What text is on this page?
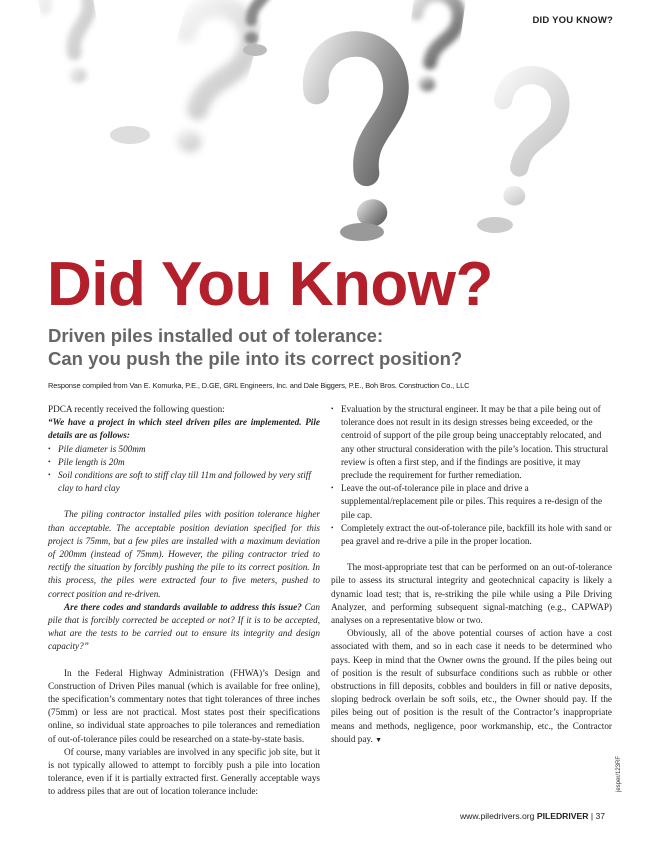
DID YOU KNOW?
Did You Know?
Driven piles installed out of tolerance:
Can you push the pile into its correct position?
Response compiled from Van E. Komurka, P.E., D.GE, GRL Engineers, Inc. and Dale Biggers, P.E., Boh Bros. Construction Co., LLC

PDCA recently received the following question:

“We have a project in which steel driven piles are implemented. Pile details are as follows:

• Pile diameter is 500mm
• Pile length is 20m
• Soil conditions are soft to stiff clay till 11m and followed by very stiff clay to hard clay

The piling contractor installed piles with position tolerance higher than acceptable. The acceptable position deviation specified for this project is 75mm, but a few piles are installed with a maximum deviation of 200mm (instead of 75mm). However, the piling contractor tried to rectify the situation by forcibly pushing the pile to its correct position. In this process, the piles were extracted four to five meters, pushed to correct position and re-driven.

Are there codes and standards available to address this issue? Can pile that is forcibly corrected be accepted or not? If it is to be accepted, what are the tests to be carried out to ensure its integrity and design capacity?”

In the Federal Highway Administration (FHWA)’s Design and Construction of Driven Piles manual (which is available for free online), the specification’s commentary notes that tight tolerances of three inches (75mm) or less are not practical. Most states post their specifications online, so individual state approaches to pile tolerances and remediation of out-of-tolerance piles could be researched on a state-by-state basis.

Of course, many variables are involved in any specific job site, but it is not typically allowed to attempt to forcibly push a pile into location tolerance, even if it is partially extracted first. Generally acceptable ways to address piles that are out of location tolerance include:

• Evaluation by the structural engineer. It may be that a pile being out of tolerance does not result in its design stresses being exceeded, or the centroid of support of the pile group being unacceptably relocated, and any other structural consideration with the pile’s location. This structural review is often a first step, and if the findings are positive, it may preclude the requirement for further remediation.
• Leave the out-of-tolerance pile in place and drive a supplemental/replacement pile or piles. This requires a re-design of the pile cap.
• Completely extract the out-of-tolerance pile, backfill its hole with sand or pea gravel and re-drive a pile in the proper location.

The most-appropriate test that can be performed on an out-of-tolerance pile to assess its structural integrity and geotechnical capacity is likely a dynamic load test; that is, re-striking the pile while using a Pile Driving Analyzer, and performing subsequent signal-matching (e.g., CAPWAP) analyses on a representative blow or two.

Obviously, all of the above potential courses of action have a cost associated with them, and so in each case it needs to be determined who pays. Keep in mind that the Owner owns the ground. If the piles being out of position is the result of subsurface conditions such as rubble or other obstructions in fill deposits, cobbles and boulders in fill or native deposits, sloping bedrock overlain be soft soils, etc., the Owner should pay. If the piles being out of position is the result of the Contractor’s inappropriate means and methods, negligence, poor workmanship, etc., the Contractor should pay. ▼

jesper/123RF
www.piledrivers.org PILEDRIVER | 37
